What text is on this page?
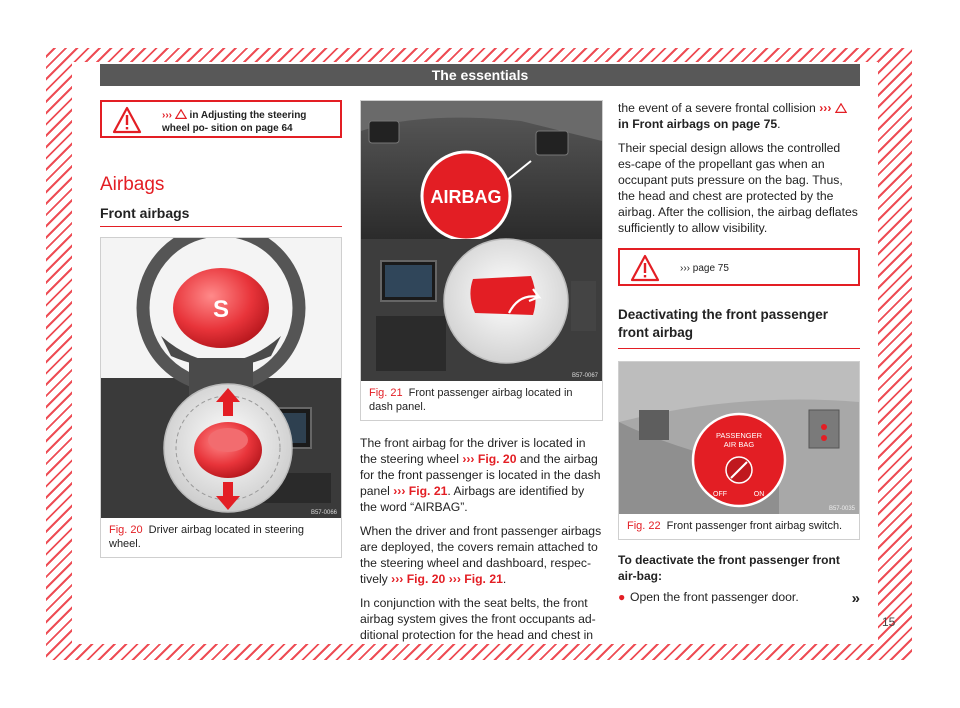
The essentials
›››  in Adjusting the steering wheel po- sition on page 64
Airbags
Front airbags
S
B57-0066
Fig. 20 Driver airbag located in steering wheel.
AIRBAG
B57-0067
Fig. 21 Front passenger airbag located in dash panel.

The front airbag for the driver is located in the steering wheel ››› Fig. 20 and the airbag for the front passenger is located in the dash panel ››› Fig. 21. Airbags are identified by the word “AIRBAG”.

When the driver and front passenger airbags are deployed, the covers remain attached to the steering wheel and dashboard, respec-tively ››› Fig. 20 ››› Fig. 21.

In conjunction with the seat belts, the front airbag system gives the front occupants ad-ditional protection for the head and chest in

the event of a severe frontal collision ›››  in Front airbags on page 75.

Their special design allows the controlled es-cape of the propellant gas when an occupant puts pressure on the bag. Thus, the head and chest are protected by the airbag. After the collision, the airbag deflates sufficiently to allow visibility.

››› page 75
Deactivating the front passenger front airbag
PASSENGER
AIR BAG
OFF	ON
B57-0035
Fig. 22 Front passenger front airbag switch.
To deactivate the front passenger front air-bag:
● Open the front passenger door.	»
15
